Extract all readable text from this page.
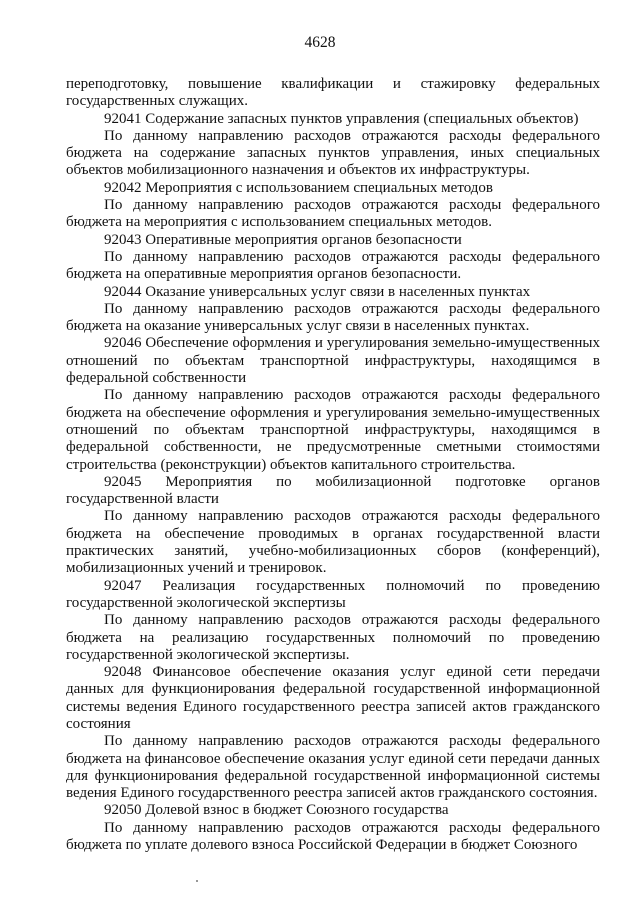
4628

переподготовку, повышение квалификации и стажировку федеральных государственных служащих.

92041 Содержание запасных пунктов управления (специальных объектов)

По данному направлению расходов отражаются расходы федерального бюджета на содержание запасных пунктов управления, иных специальных объектов мобилизационного назначения и объектов их инфраструктуры.

92042 Мероприятия с использованием специальных методов

По данному направлению расходов отражаются расходы федерального бюджета на мероприятия с использованием специальных методов.

92043 Оперативные мероприятия органов безопасности

По данному направлению расходов отражаются расходы федерального бюджета на оперативные мероприятия органов безопасности.

92044 Оказание универсальных услуг связи в населенных пунктах

По данному направлению расходов отражаются расходы федерального бюджета на оказание универсальных услуг связи в населенных пунктах.

92046 Обеспечение оформления и урегулирования земельно-имущественных отношений по объектам транспортной инфраструктуры, находящимся в федеральной собственности

По данному направлению расходов отражаются расходы федерального бюджета на обеспечение оформления и урегулирования земельно-имущественных отношений по объектам транспортной инфраструктуры, находящимся в федеральной собственности, не предусмотренные сметными стоимостями строительства (реконструкции) объектов капитального строительства.

92045 Мероприятия по мобилизационной подготовке органов государственной власти

По данному направлению расходов отражаются расходы федерального бюджета на обеспечение проводимых в органах государственной власти практических занятий, учебно-мобилизационных сборов (конференций), мобилизационных учений и тренировок.

92047 Реализация государственных полномочий по проведению государственной экологической экспертизы

По данному направлению расходов отражаются расходы федерального бюджета на реализацию государственных полномочий по проведению государственной экологической экспертизы.

92048 Финансовое обеспечение оказания услуг единой сети передачи данных для функционирования федеральной государственной информационной системы ведения Единого государственного реестра записей актов гражданского состояния

По данному направлению расходов отражаются расходы федерального бюджета на финансовое обеспечение оказания услуг единой сети передачи данных для функционирования федеральной государственной информационной системы ведения Единого государственного реестра записей актов гражданского состояния.

92050 Долевой взнос в бюджет Союзного государства

По данному направлению расходов отражаются расходы федерального бюджета по уплате долевого взноса Российской Федерации в бюджет Союзного
